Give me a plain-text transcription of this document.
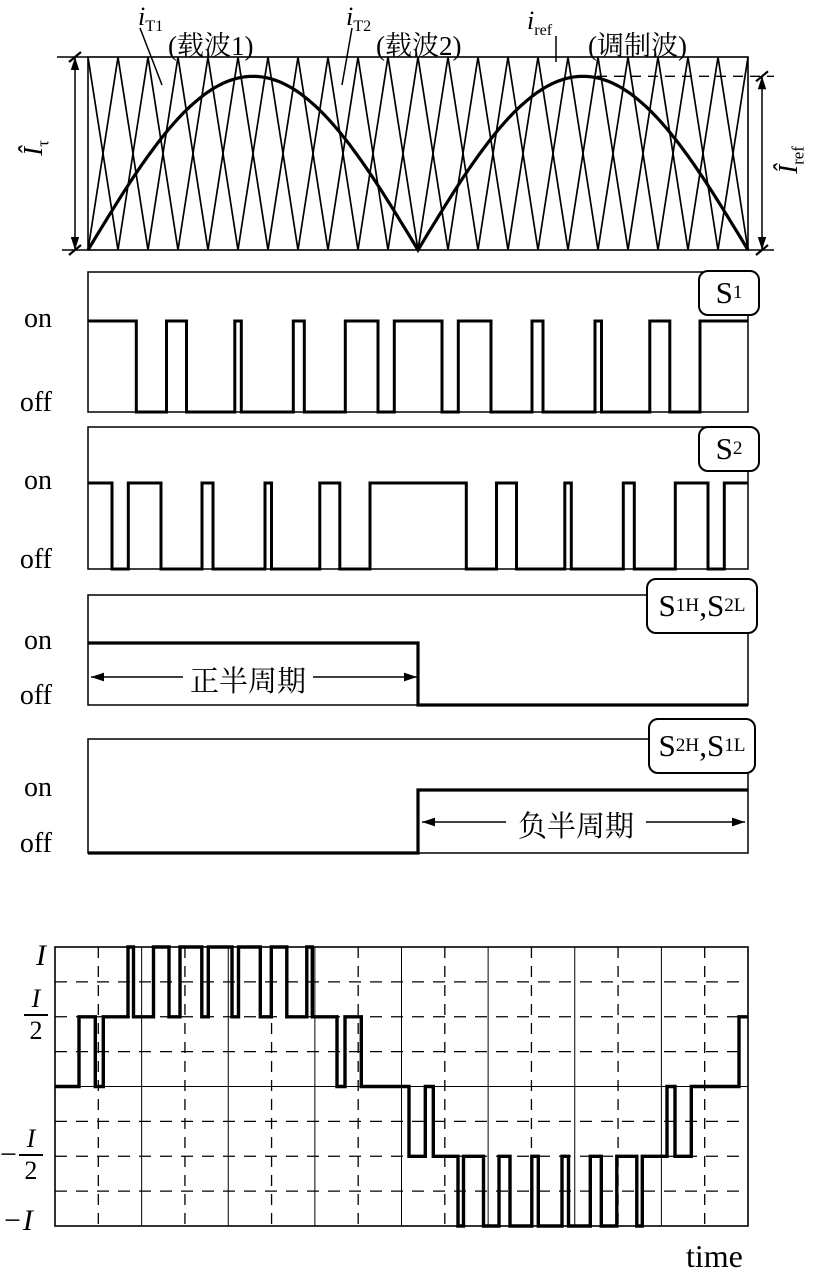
$i_{T1}$
(载波1)
$i_{T2}$
(载波2)
$i_{ref}$
(调制波)
$Î_\tau$
$Î_{ref}$
on
off
S 1
on
off
S 2
on
off
S 1H ,S 2L
正半周期
on
off
S 2H ,S 1L
负半周期
I
I
2
− $\frac{I}{2}$
− I
time
